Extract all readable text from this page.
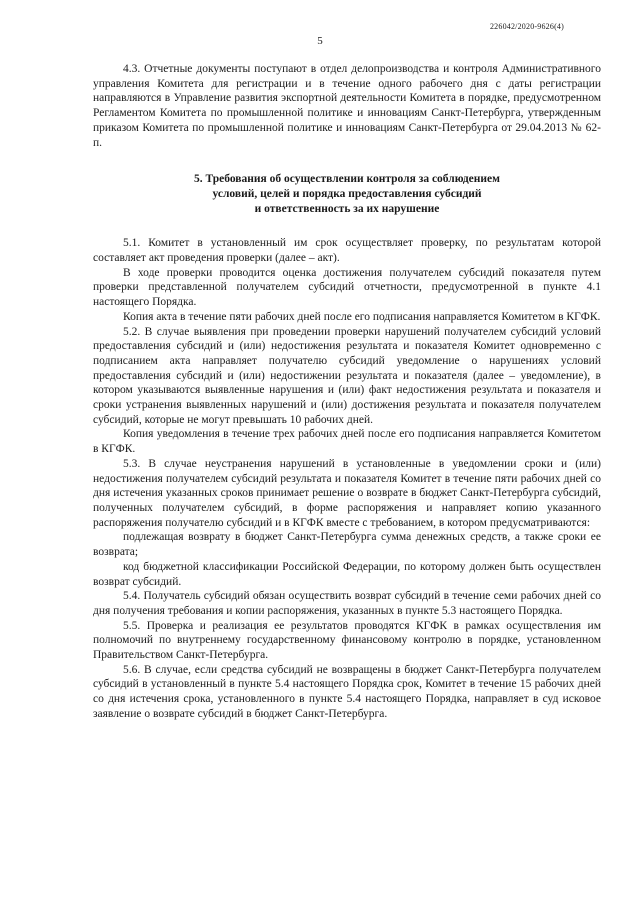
226042/2020-9626(4)
5

4.3. Отчетные документы поступают в отдел делопроизводства и контроля Административного управления Комитета для регистрации и в течение одного рабочего дня с даты регистрации направляются в Управление развития экспортной деятельности Комитета в порядке, предусмотренном Регламентом Комитета по промышленной политике и инновациям Санкт-Петербурга, утвержденным приказом Комитета по промышленной политике и инновациям Санкт-Петербурга от 29.04.2013 № 62-п.

5. Требования об осуществлении контроля за соблюдением
условий, целей и порядка предоставления субсидий
и ответственность за их нарушение

5.1. Комитет в установленный им срок осуществляет проверку, по результатам которой составляет акт проведения проверки (далее – акт).

В ходе проверки проводится оценка достижения получателем субсидий показателя путем проверки представленной получателем субсидий отчетности, предусмотренной в пункте 4.1 настоящего Порядка.

Копия акта в течение пяти рабочих дней после его подписания направляется Комитетом в КГФК.

5.2. В случае выявления при проведении проверки нарушений получателем субсидий условий предоставления субсидий и (или) недостижения результата и показателя Комитет одновременно с подписанием акта направляет получателю субсидий уведомление о нарушениях условий предоставления субсидий и (или) недостижении результата и показателя (далее – уведомление), в котором указываются выявленные нарушения и (или) факт недостижения результата и показателя и сроки устранения выявленных нарушений и (или) достижения результата и показателя получателем субсидий, которые не могут превышать 10 рабочих дней.

Копия уведомления в течение трех рабочих дней после его подписания направляется Комитетом в КГФК.

5.3. В случае неустранения нарушений в установленные в уведомлении сроки и (или) недостижения получателем субсидий результата и показателя Комитет в течение пяти рабочих дней со дня истечения указанных сроков принимает решение о возврате в бюджет Санкт-Петербурга субсидий, полученных получателем субсидий, в форме распоряжения и направляет копию указанного распоряжения получателю субсидий и в КГФК вместе с требованием, в котором предусматриваются:

подлежащая возврату в бюджет Санкт-Петербурга сумма денежных средств, а также сроки ее возврата;

код бюджетной классификации Российской Федерации, по которому должен быть осуществлен возврат субсидий.

5.4. Получатель субсидий обязан осуществить возврат субсидий в течение семи рабочих дней со дня получения требования и копии распоряжения, указанных в пункте 5.3 настоящего Порядка.

5.5. Проверка и реализация ее результатов проводятся КГФК в рамках осуществления им полномочий по внутреннему государственному финансовому контролю в порядке, установленном Правительством Санкт-Петербурга.

5.6. В случае, если средства субсидий не возвращены в бюджет Санкт-Петербурга получателем субсидий в установленный в пункте 5.4 настоящего Порядка срок, Комитет в течение 15 рабочих дней со дня истечения срока, установленного в пункте 5.4 настоящего Порядка, направляет в суд исковое заявление о возврате субсидий в бюджет Санкт-Петербурга.
